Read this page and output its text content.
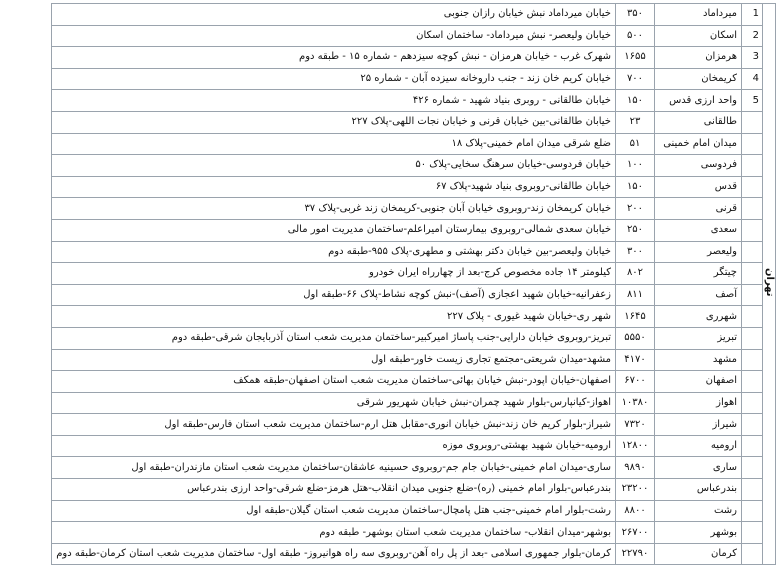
تهران	1	میرداماد	۳۵۰	خیابان میرداماد نبش خیابان رازان جنوبی
	2	اسکان	۵۰۰	خیابان ولیعصر- نبش میرداماد- ساختمان اسکان
	3	هرمزان	۱۶۵۵	شهرک غرب - خیابان هرمزان - نبش کوچه سیزدهم - شماره ۱۵ - طبقه دوم
	4	کریمخان	۷۰۰	خیابان کریم خان زند - جنب داروخانه سیزده آبان - شماره ۲۵
	5	واحد ارزی قدس	۱۵۰	خیابان طالقانی - روبری بنیاد شهید - شماره ۴۲۶
		طالقانی	۲۳	خیابان طالقانی-بین خیابان قرنی و خیابان نجات اللهی-پلاک ۲۲۷
		میدان امام خمینی	۵۱	ضلع شرقی میدان امام خمینی-پلاک ۱۸
		فردوسی	۱۰۰	خیابان فردوسی-خیابان سرهنگ سخایی-پلاک ۵۰
		قدس	۱۵۰	خیابان طالقانی-روبروی بنیاد شهید-پلاک ۶۷
		قرنی	۲۰۰	خیابان کریمخان زند-روبروی خیابان آبان جنوبی-کریمخان زند غربی-پلاک ۳۷
		سعدی	۲۵۰	خیابان سعدی شمالی-روبروی بیمارستان امیراعلم-ساختمان مدیریت امور مالی
		ولیعصر	۳۰۰	خیابان ولیعصر-بین خیابان دکتر بهشتی و مطهری-پلاک ۹۵۵-طبقه دوم
		چیتگر	۸۰۲	کیلومتر ۱۴ جاده مخصوص کرج-بعد از چهارراه ایران خودرو
		آصف	۸۱۱	زعفرانیه-خیابان شهید اعجازی (آصف)-نبش کوچه نشاط-پلاک ۶۶-طبقه اول
		شهرری	۱۶۴۵	شهر ری-خیابان شهید غیوری - پلاک ۲۲۷
		تبریز	۵۵۵۰	تبریز-روبروی خیابان دارایی-جنب پاساژ امیرکبیر-ساختمان مدیریت شعب استان آذربایجان شرقی-طبقه دوم
		مشهد	۴۱۷۰	مشهد-میدان شریعتی-مجتمع تجاری زیست خاور-طبقه اول
		اصفهان	۶۷۰۰	اصفهان-خیابان اپودر-نبش خیابان بهائی-ساختمان مدیریت شعب استان اصفهان-طبقه همکف
		اهواز	۱۰۳۸۰	اهواز-کیانپارس-بلوار شهید چمران-نبش خیابان شهریور شرقی
		شیراز	۷۳۲۰	شیراز-بلوار کریم خان زند-نبش خیابان انوری-مقابل هتل ارم-ساختمان مدیریت شعب استان فارس-طبقه اول
		ارومیه	۱۲۸۰۰	ارومیه-خیابان شهید بهشتی-روبروی موزه
		ساری	۹۸۹۰	ساری-میدان امام خمینی-خیابان جام جم-روبروی حسینیه عاشقان-ساختمان مدیریت شعب استان مازندران-طبقه اول
		بندرعباس	۲۳۲۰۰	بندرعباس-بلوار امام خمینی (ره)-ضلع جنوبی میدان انقلاب-هتل هرمز-ضلع شرقی-واحد ارزی بندرعباس
		رشت	۸۸۰۰	رشت-بلوار امام خمینی-جنب هتل پامچال-ساختمان مدیریت شعب استان گیلان-طبقه اول
		بوشهر	۲۶۷۰۰	بوشهر-میدان انقلاب- ساختمان مدیریت شعب استان بوشهر- طبقه دوم
		کرمان	۲۲۷۹۰	کرمان-بلوار جمهوری اسلامی -بعد از پل راه آهن-روبروی سه راه هوانیروز- طبقه اول- ساختمان مدیریت شعب استان کرمان-طبقه دوم
